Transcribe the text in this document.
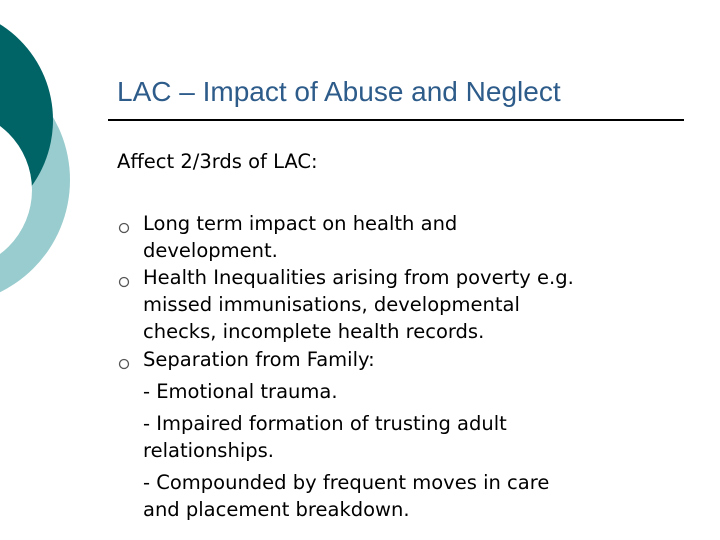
LAC – Impact of Abuse and Neglect

Affect 2/3rds of LAC:

Long term impact on health and
development.

Health Inequalities arising from poverty e.g.
missed immunisations, developmental
checks, incomplete health records.

Separation from Family:
- Emotional trauma.
- Impaired formation of trusting adult
relationships.
- Compounded by frequent moves in care
and placement breakdown.
